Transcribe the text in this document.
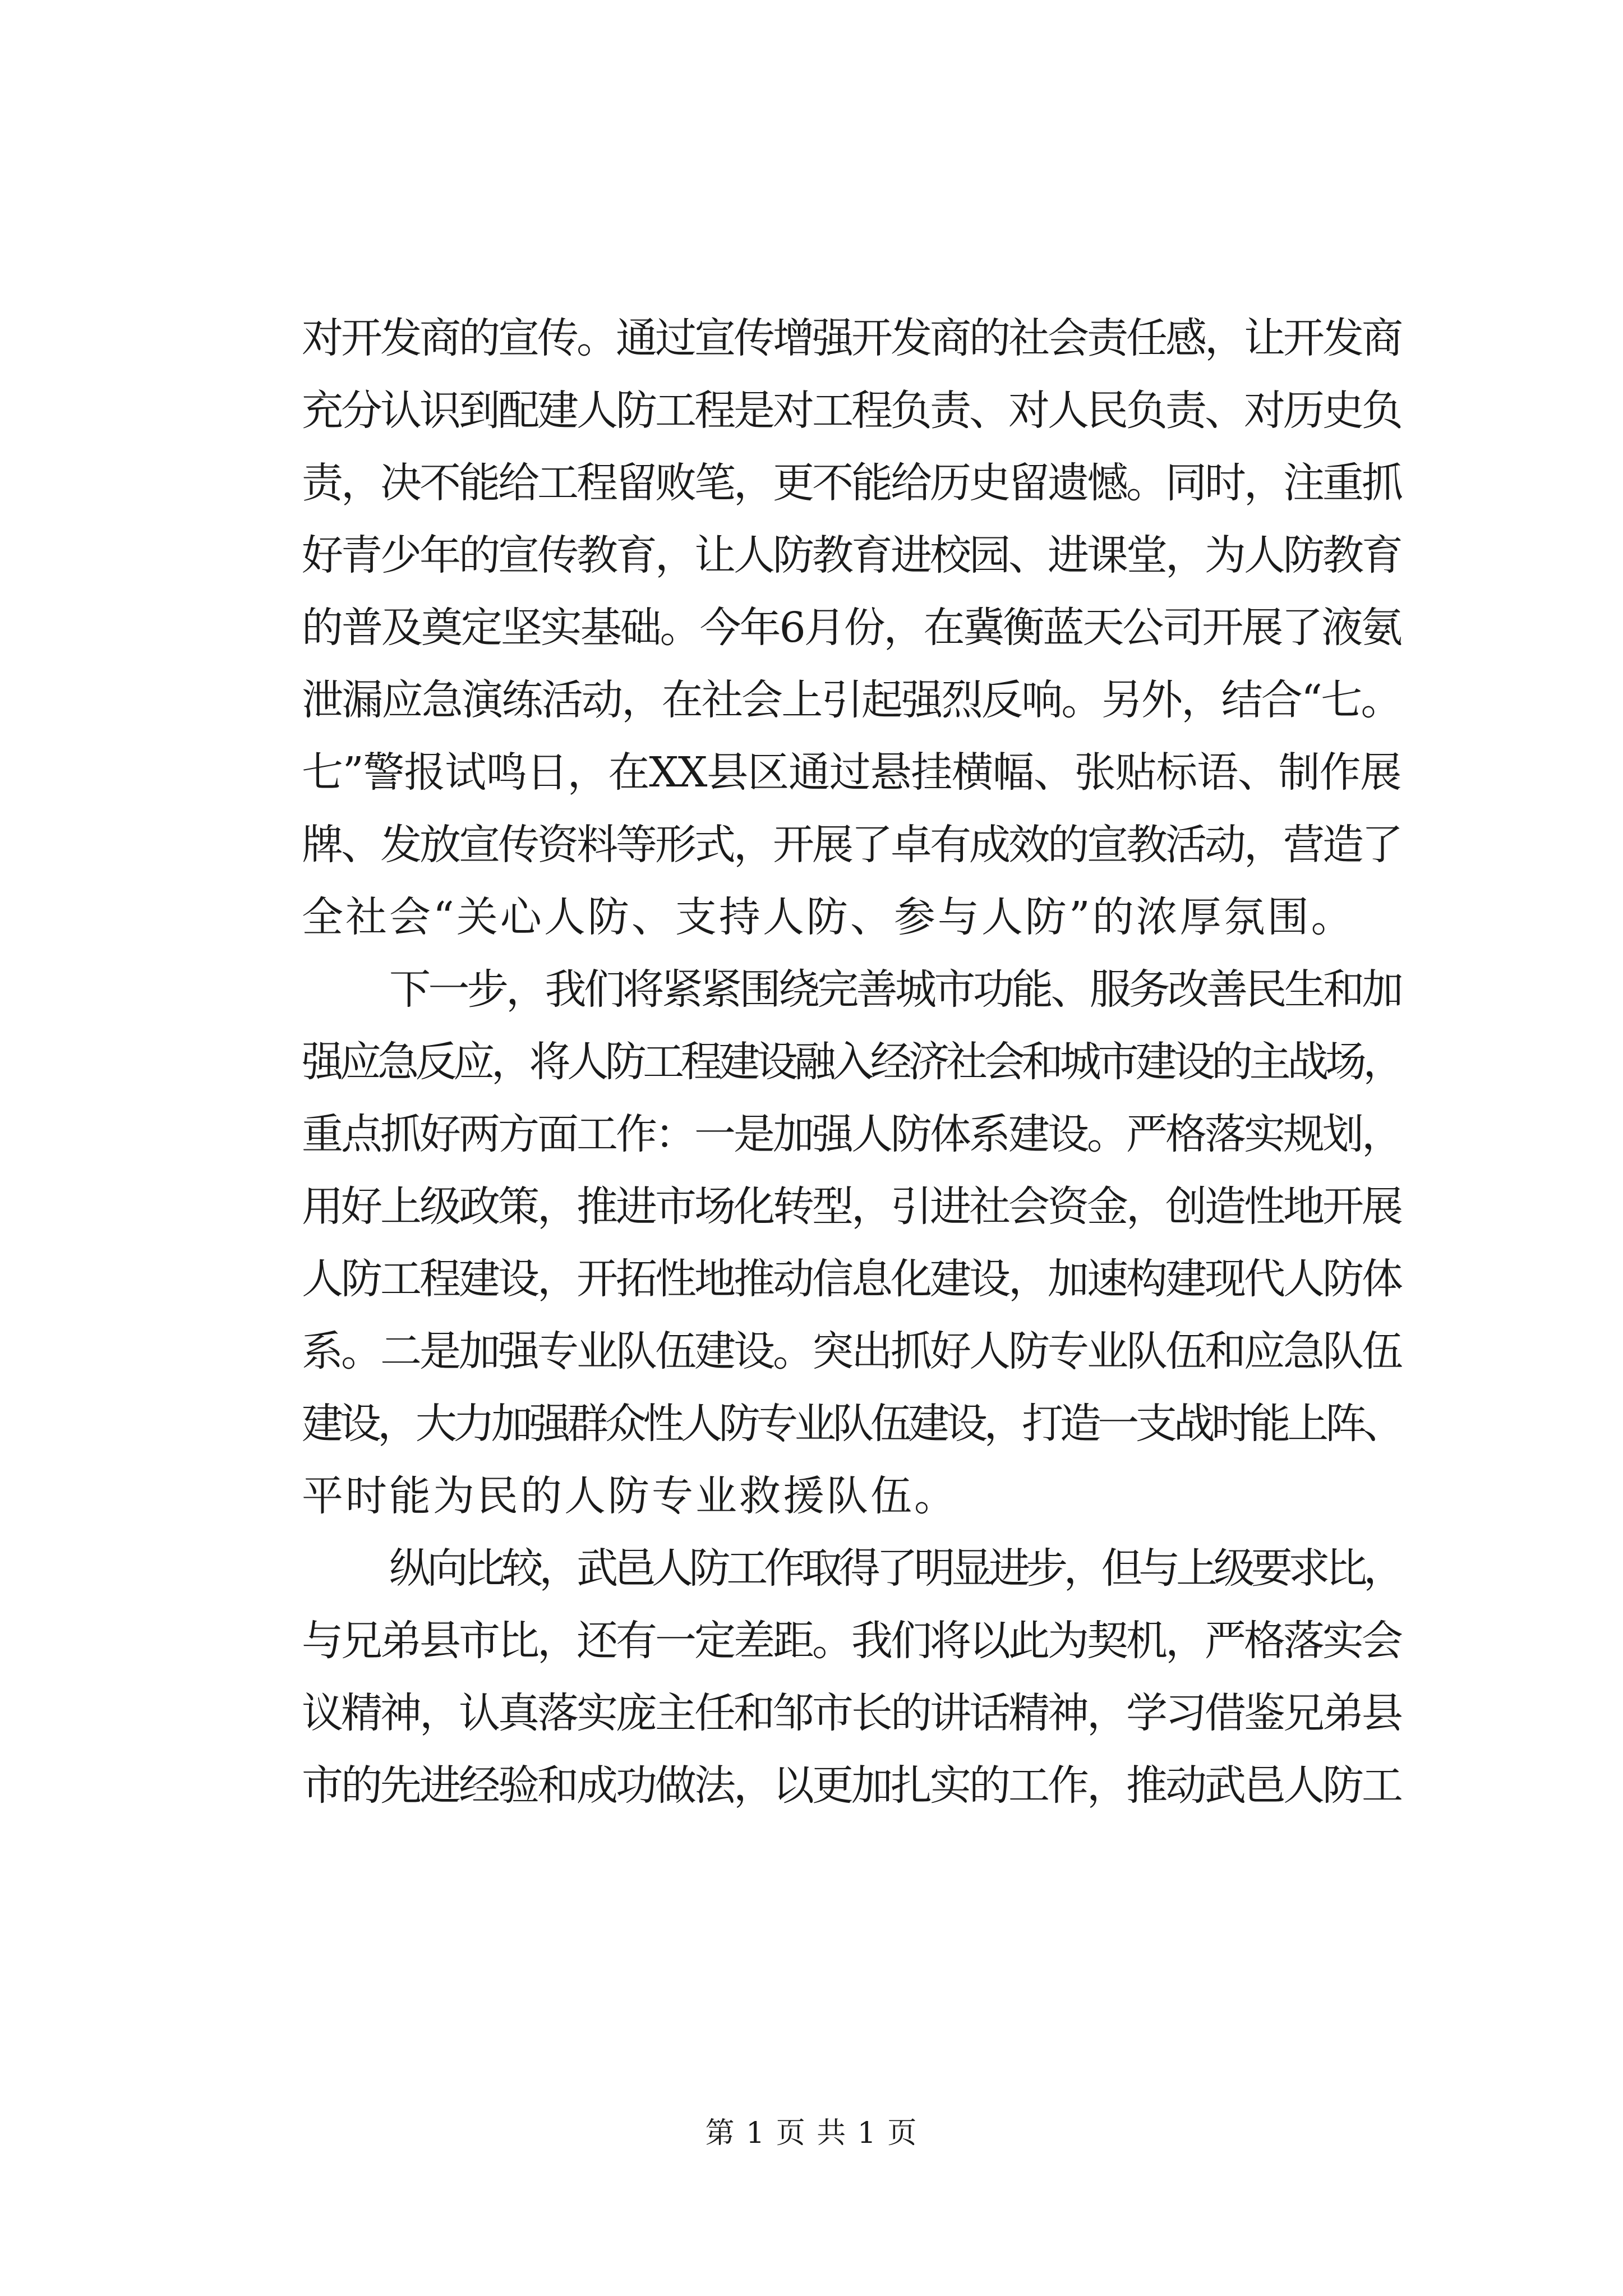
对开发商的宣传。通过宣传增强开发商的社会责任感，让开发商
充分认识到配建人防工程是对工程负责、对人民负责、对历史负
责，决不能给工程留败笔，更不能给历史留遗憾。同时，注重抓
好青少年的宣传教育，让人防教育进校园、进课堂，为人防教育
的普及奠定坚实基础。今年6月份，在冀衡蓝天公司开展了液氨
泄漏应急演练活动，在社会上引起强烈反响。另外，结合“七。
七”警报试鸣日，在XX县区通过悬挂横幅、张贴标语、制作展
牌、发放宣传资料等形式，开展了卓有成效的宣教活动，营造了
全社会“关心人防、支持人防、参与人防”的浓厚氛围。
下一步，我们将紧紧围绕完善城市功能、服务改善民生和加
强应急反应，将人防工程建设融入经济社会和城市建设的主战场，
重点抓好两方面工作：一是加强人防体系建设。严格落实规划，
用好上级政策，推进市场化转型，引进社会资金，创造性地开展
人防工程建设，开拓性地推动信息化建设，加速构建现代人防体
系。二是加强专业队伍建设。突出抓好人防专业队伍和应急队伍
建设，大力加强群众性人防专业队伍建设，打造一支战时能上阵、
平时能为民的人防专业救援队伍。
纵向比较，武邑人防工作取得了明显进步，但与上级要求比，
与兄弟县市比，还有一定差距。我们将以此为契机，严格落实会
议精神，认真落实庞主任和邹市长的讲话精神，学习借鉴兄弟县
市的先进经验和成功做法，以更加扎实的工作，推动武邑人防工
第 1 页 共 1 页
